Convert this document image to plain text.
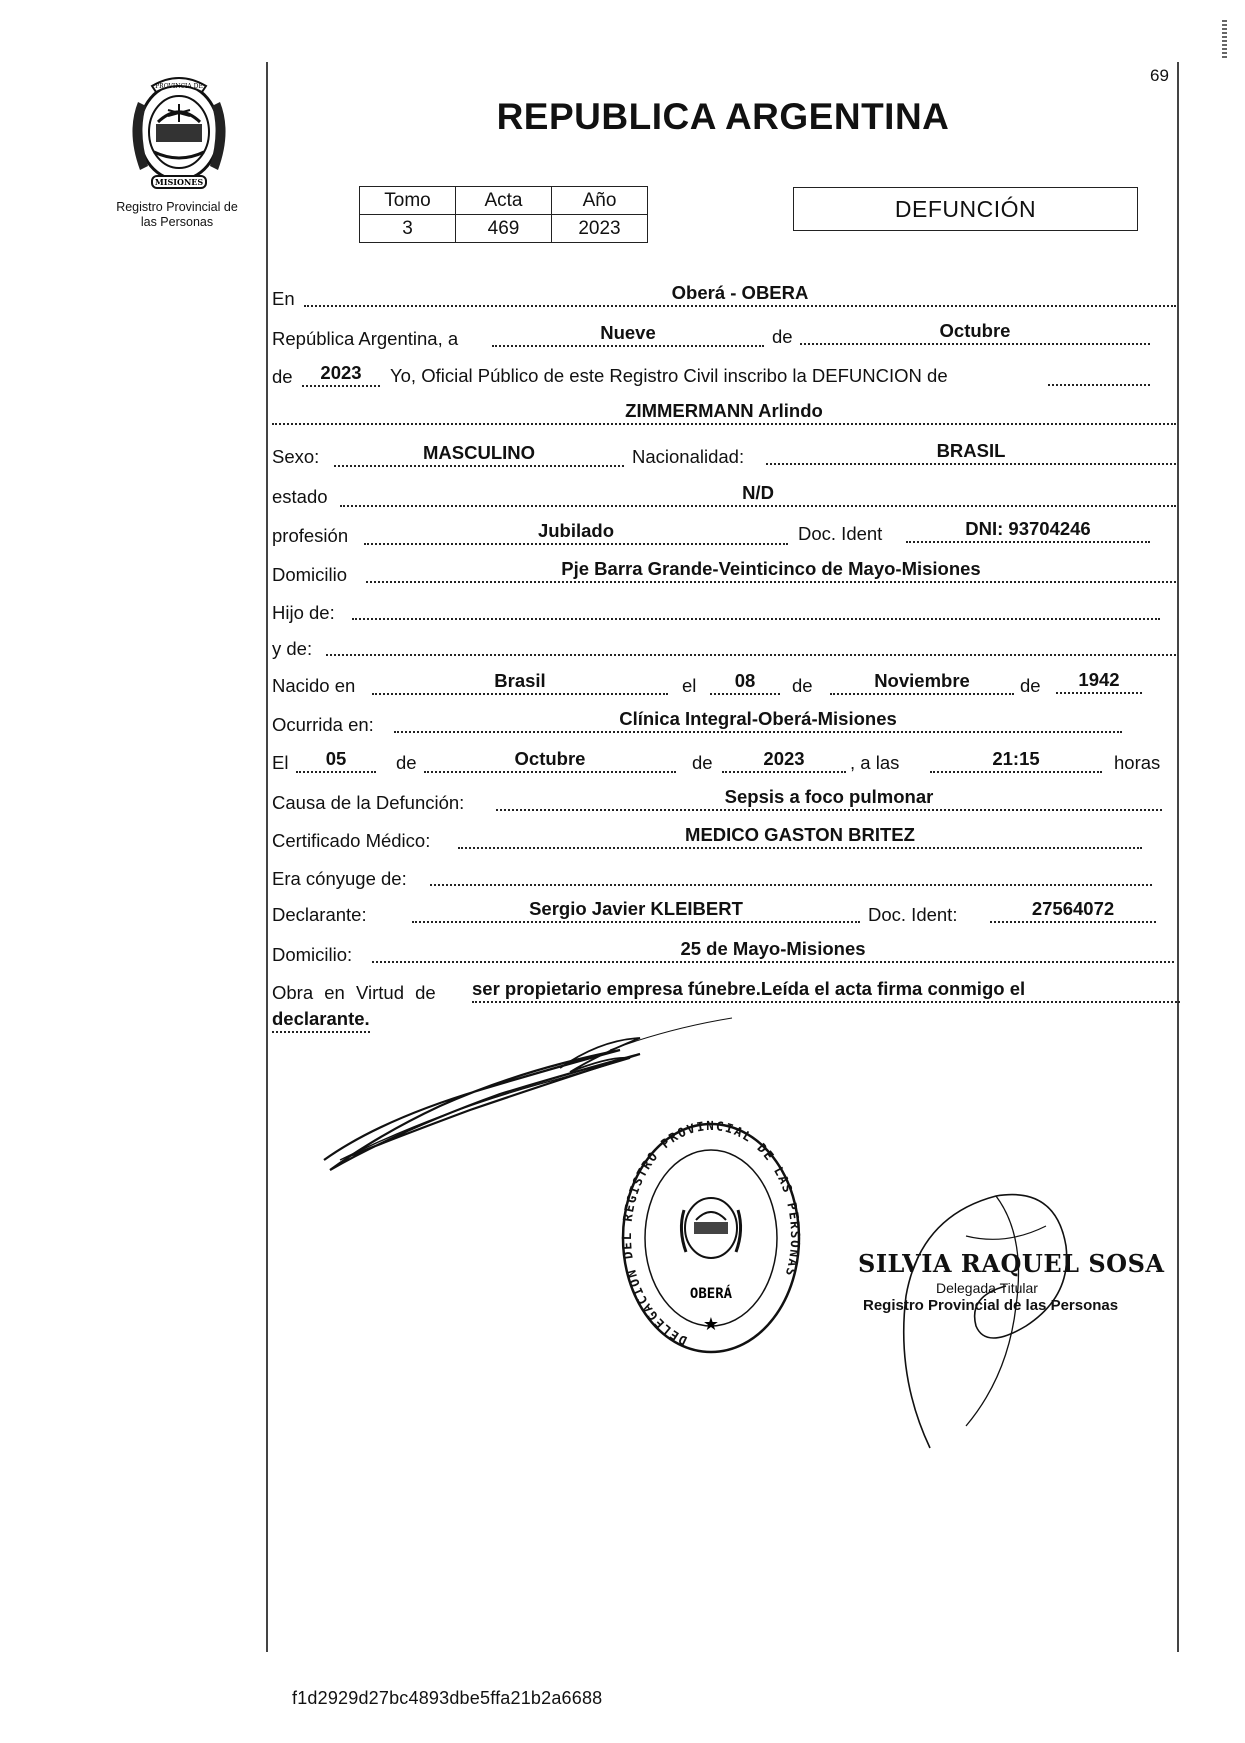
69
MISIONES
PROVINCIA DE
Registro Provincial de
las Personas
REPUBLICA ARGENTINA
Tomo	Acta	Año
3	469	2023
DEFUNCIÓN
En	Oberá - OBERA
República Argentina, a	Nueve	de	Octubre
de	2023	Yo, Oficial Público de este Registro Civil inscribo la DEFUNCION de
ZIMMERMANN Arlindo
Sexo:	MASCULINO	Nacionalidad:	BRASIL
estado	N/D
profesión	Jubilado	Doc. Ident	DNI: 93704246
Domicilio	Pje Barra Grande-Veinticinco de Mayo-Misiones
Hijo de:
y de:
Nacido en	Brasil	el	08	de	Noviembre	de	1942
Ocurrida en:	Clínica Integral-Oberá-Misiones
El	05	de	Octubre	de	2023	, a las	21:15	horas
Causa de la Defunción:	Sepsis a foco pulmonar
Certificado Médico:	MEDICO GASTON BRITEZ
Era cónyuge de:
Declarante:	Sergio Javier KLEIBERT	Doc. Ident:	27564072
Domicilio:	25 de Mayo-Misiones
Obra en Virtud de ser propietario empresa fúnebre.Leída el acta firma conmigo el
declarante.
DELEGACION DEL REGISTRO PROVINCIAL DE LAS PERSONAS
OBERÁ
★
SILVIA RAQUEL SOSA
Delegada Titular
Registro Provincial de las Personas
f1d2929d27bc4893dbe5ffa21b2a6688
